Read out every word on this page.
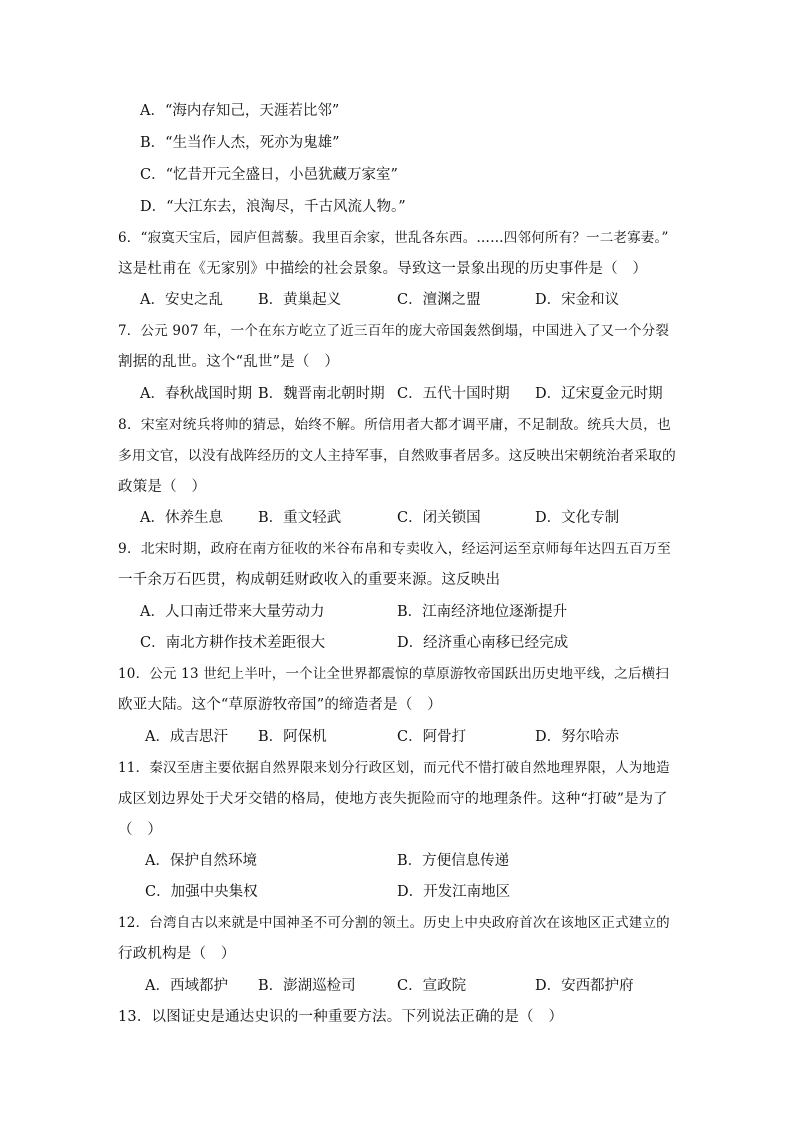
A．“海内存知己，天涯若比邻”
B．“生当作人杰，死亦为鬼雄”
C．“忆昔开元全盛日，小邑犹藏万家室”
D．“大江东去，浪淘尽，千古风流人物。”
6．“寂寞天宝后，园庐但蒿藜。我里百余家，世乱各东西。……四邻何所有？一二老寡妻。”
这是杜甫在《无家别》中描绘的社会景象。导致这一景象出现的历史事件是（　）
A．安史之乱 B．黄巢起义	C．澶渊之盟	D．宋金和议
7．公元 907 年，一个在东方屹立了近三百年的庞大帝国轰然倒塌，中国进入了又一个分裂
割据的乱世。这个“乱世”是（　）
A．春秋战国时期 B．魏晋南北朝时期 C．五代十国时期 D．辽宋夏金元时期
8．宋室对统兵将帅的猜忌，始终不解。所信用者大都才调平庸，不足制敌。统兵大员，也
多用文官，以没有战阵经历的文人主持军事，自然败事者居多。这反映出宋朝统治者采取的
政策是（　）
A．休养生息 B．重文轻武	C．闭关锁国	D．文化专制
9．北宋时期，政府在南方征收的米谷布帛和专卖收入，经运河运至京师每年达四五百万至
一千余万石匹贯，构成朝廷财政收入的重要来源。这反映出
A．人口南迁带来大量劳动力	B．江南经济地位逐渐提升
C．南北方耕作技术差距很大	D．经济重心南移已经完成
10．公元 13 世纪上半叶，一个让全世界都震惊的草原游牧帝国跃出历史地平线，之后横扫
欧亚大陆。这个“草原游牧帝国”的缔造者是（　）
A．成吉思汗 B．阿保机	C．阿骨打	D．努尔哈赤
11．秦汉至唐主要依据自然界限来划分行政区划，而元代不惜打破自然地理界限，人为地造
成区划边界处于犬牙交错的格局，使地方丧失扼险而守的地理条件。这种“打破”是为了
（　）
A．保护自然环境	B．方便信息传递
C．加强中央集权	D．开发江南地区
12．台湾自古以来就是中国神圣不可分割的领土。历史上中央政府首次在该地区正式建立的
行政机构是（　）
A．西域都护 B．澎湖巡检司	C．宣政院	D．安西都护府
13．以图证史是通达史识的一种重要方法。下列说法正确的是（　）
